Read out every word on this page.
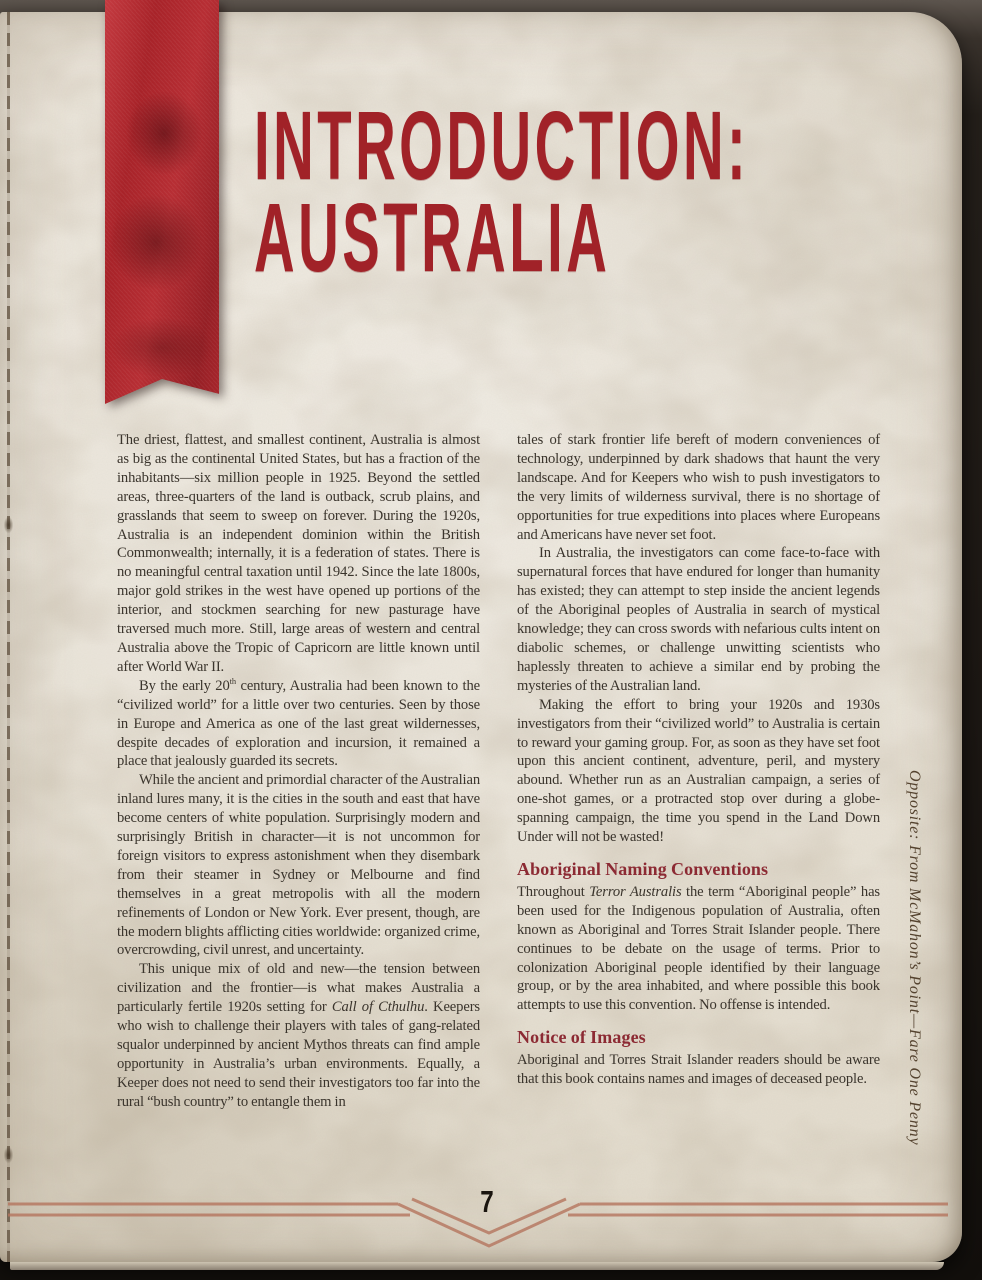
INTRODUCTION:
AUSTRALIA

The driest, flattest, and smallest continent, Australia is almost as big as the continental United States, but has a fraction of the inhabitants—six million people in 1925. Beyond the settled areas, three-quarters of the land is outback, scrub plains, and grasslands that seem to sweep on forever. During the 1920s, Australia is an independent dominion within the British Commonwealth; internally, it is a federation of states. There is no meaningful central taxation until 1942. Since the late 1800s, major gold strikes in the west have opened up portions of the interior, and stockmen searching for new pasturage have traversed much more. Still, large areas of western and central Australia above the Tropic of Capricorn are little known until after World War II.

By the early 20th century, Australia had been known to the “civilized world” for a little over two centuries. Seen by those in Europe and America as one of the last great wildernesses, despite decades of exploration and incursion, it remained a place that jealously guarded its secrets.

While the ancient and primordial character of the Australian inland lures many, it is the cities in the south and east that have become centers of white population. Surprisingly modern and surprisingly British in character—it is not uncommon for foreign visitors to express astonishment when they disembark from their steamer in Sydney or Melbourne and find themselves in a great metropolis with all the modern refinements of London or New York. Ever present, though, are the modern blights afflicting cities worldwide: organized crime, overcrowding, civil unrest, and uncertainty.

This unique mix of old and new—the tension between civilization and the frontier—is what makes Australia a particularly fertile 1920s setting for Call of Cthulhu. Keepers who wish to challenge their players with tales of gang-related squalor underpinned by ancient Mythos threats can find ample opportunity in Australia’s urban environments. Equally, a Keeper does not need to send their investigators too far into the rural “bush country” to entangle them in

tales of stark frontier life bereft of modern conveniences of technology, underpinned by dark shadows that haunt the very landscape. And for Keepers who wish to push investigators to the very limits of wilderness survival, there is no shortage of opportunities for true expeditions into places where Europeans and Americans have never set foot.

In Australia, the investigators can come face-to-face with supernatural forces that have endured for longer than humanity has existed; they can attempt to step inside the ancient legends of the Aboriginal peoples of Australia in search of mystical knowledge; they can cross swords with nefarious cults intent on diabolic schemes, or challenge unwitting scientists who haplessly threaten to achieve a similar end by probing the mysteries of the Australian land.

Making the effort to bring your 1920s and 1930s investigators from their “civilized world” to Australia is certain to reward your gaming group. For, as soon as they have set foot upon this ancient continent, adventure, peril, and mystery abound. Whether run as an Australian campaign, a series of one-shot games, or a protracted stop over during a globe-spanning campaign, the time you spend in the Land Down Under will not be wasted!

Aboriginal Naming Conventions

Throughout Terror Australis the term “Aboriginal people” has been used for the Indigenous population of Australia, often known as Aboriginal and Torres Strait Islander people. There continues to be debate on the usage of terms. Prior to colonization Aboriginal people identified by their language group, or by the area inhabited, and where possible this book attempts to use this convention. No offense is intended.

Notice of Images

Aboriginal and Torres Strait Islander readers should be aware that this book contains names and images of deceased people.	Opposite: From McMahon’s Point—Fare One Penny
7
